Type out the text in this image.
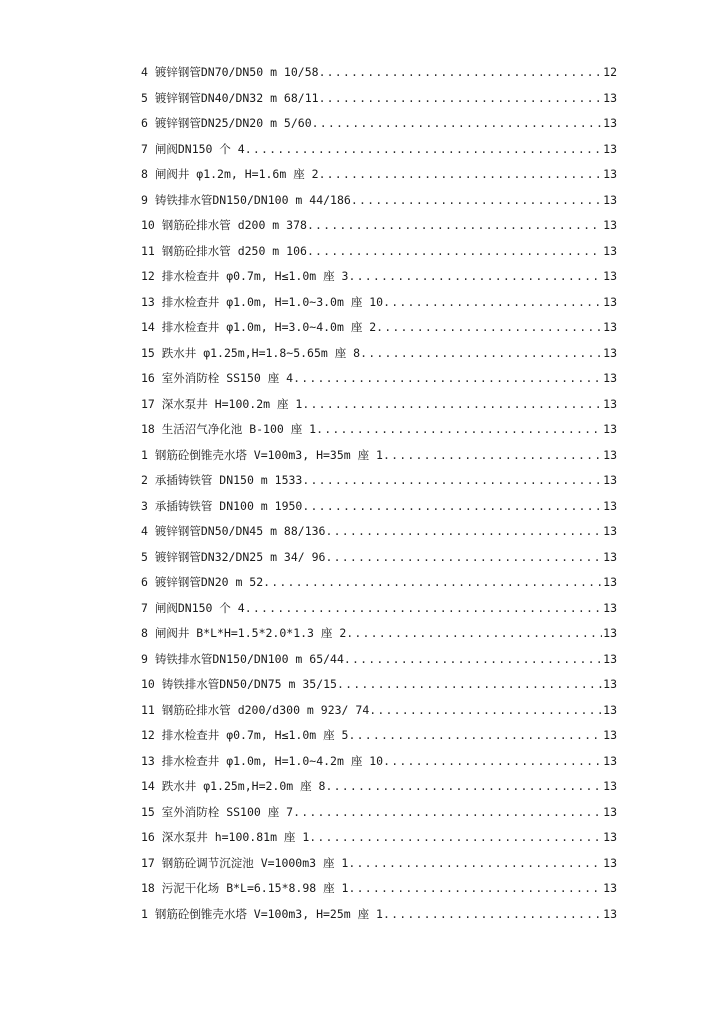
4 镀锌钢管DN70/DN50 m 10/58 .....	12
5 镀锌钢管DN40/DN32 m 68/11 .....	13
6 镀锌钢管DN25/DN20 m 5/60 .....	13
7 闸阀DN150 个 4 .....	13
8 闸阀井 φ1.2m, H=1.6m 座 2 .....	13
9 铸铁排水管DN150/DN100 m 44/186 .....	13
10 钢筋砼排水管 d200 m 378 .....	13
11 钢筋砼排水管 d250 m 106 .....	13
12 排水检查井 φ0.7m, H≤1.0m 座 3 .....	13
13 排水检查井 φ1.0m, H=1.0~3.0m 座 10 .....	13
14 排水检查井 φ1.0m, H=3.0~4.0m 座 2 .....	13
15 跌水井 φ1.25m,H=1.8~5.65m 座 8 .....	13
16 室外消防栓 SS150 座 4 .....	13
17 深水泵井 H=100.2m 座 1 .....	13
18 生活沼气净化池 B-100 座 1 .....	13
1 钢筋砼倒锥壳水塔 V=100m3, H=35m 座 1 .....	13
2 承插铸铁管 DN150 m 1533 .....	13
3 承插铸铁管 DN100 m 1950 .....	13
4 镀锌钢管DN50/DN45 m 88/136 .....	13
5 镀锌钢管DN32/DN25 m 34/ 96 .....	13
6 镀锌钢管DN20 m 52 .....	13
7 闸阀DN150 个 4 .....	13
8 闸阀井 B*L*H=1.5*2.0*1.3 座 2 .....	13
9 铸铁排水管DN150/DN100 m 65/44 .....	13
10 铸铁排水管DN50/DN75 m 35/15 .....	13
11 钢筋砼排水管 d200/d300 m 923/ 74 .....	13
12 排水检查井 φ0.7m, H≤1.0m 座 5 .....	13
13 排水检查井 φ1.0m, H=1.0~4.2m 座 10 .....	13
14 跌水井 φ1.25m,H=2.0m 座 8 .....	13
15 室外消防栓 SS100 座 7 .....	13
16 深水泵井 h=100.81m 座 1 .....	13
17 钢筋砼调节沉淀池 V=1000m3 座 1 .....	13
18 污泥干化场 B*L=6.15*8.98 座 1 .....	13
1 钢筋砼倒锥壳水塔 V=100m3, H=25m 座 1 .....	13
